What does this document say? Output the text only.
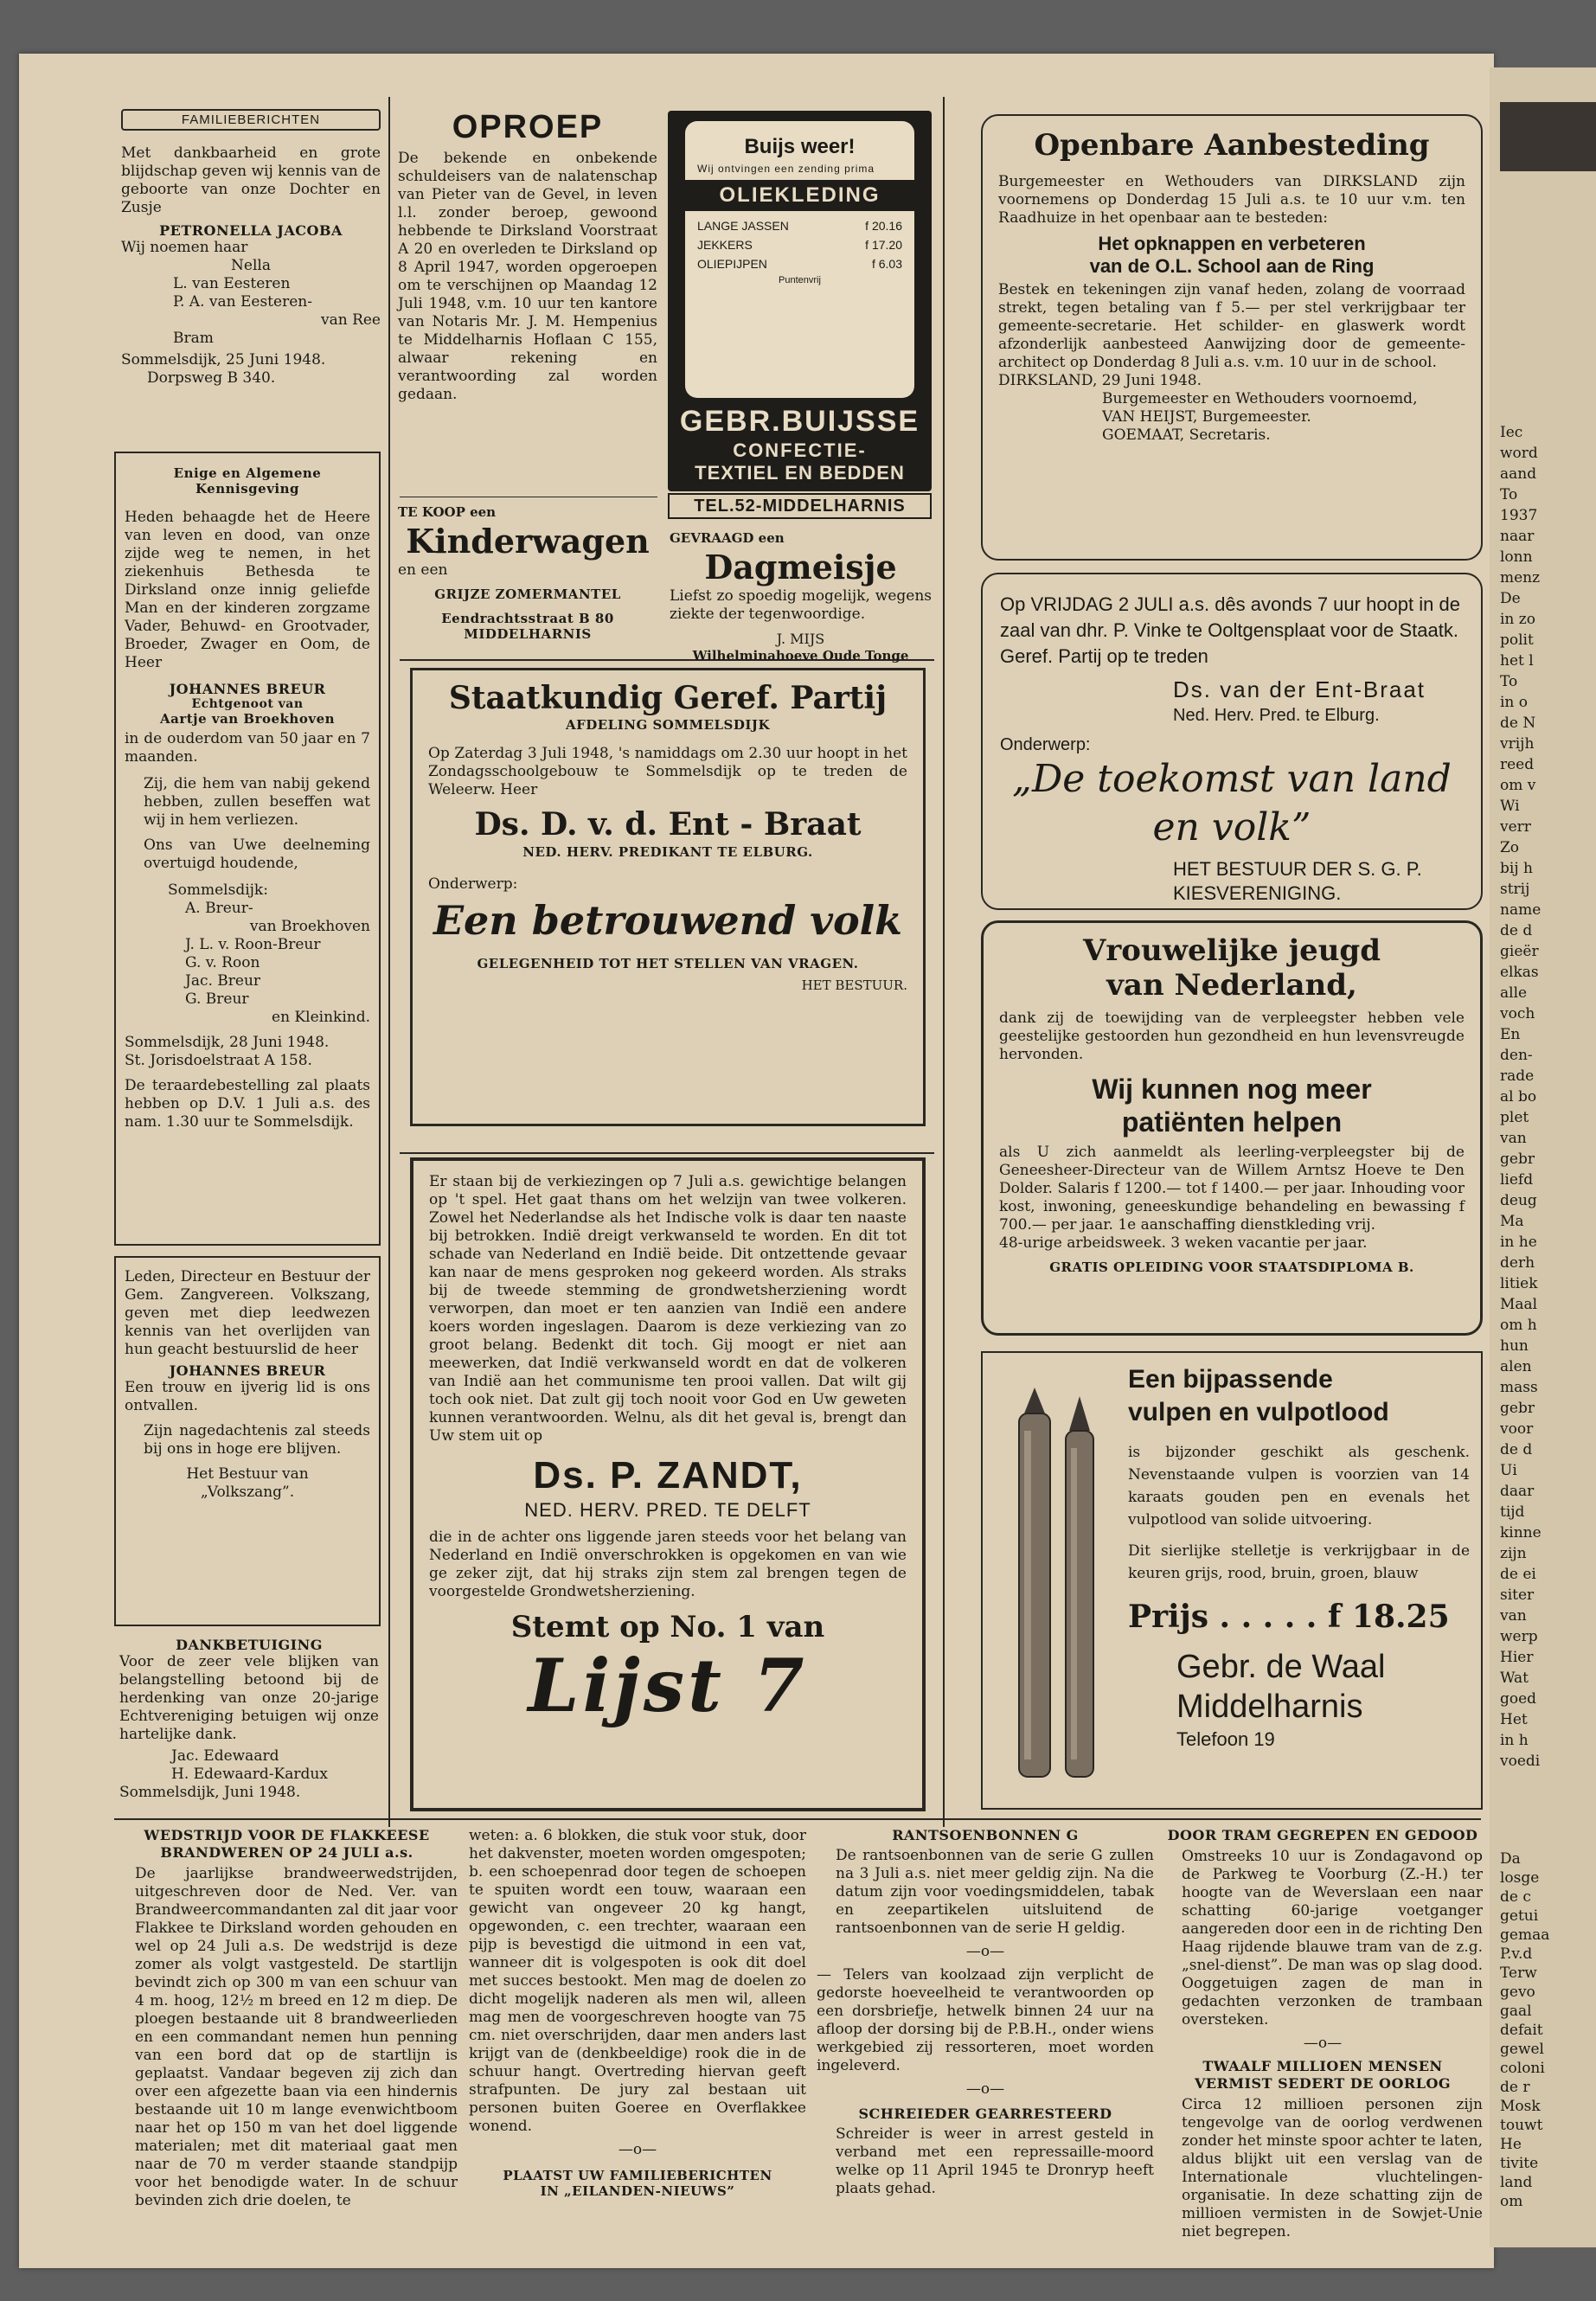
FAMILIEBERICHTEN

Met dankbaarheid en grote blijdschap geven wij kennis van de geboorte van onze Dochter en Zusje

PETRONELLA JACOBA

Wij noemen haar

Nella

L. van Eesteren

P. A. van Eesteren-

van Ree

Bram

Sommelsdijk, 25 Juni 1948.

Dorpsweg B 340.

Enige en Algemene

Kennisgeving

Heden behaagde het de Heere van leven en dood, van onze zijde weg te nemen, in het ziekenhuis Bethesda te Dirksland onze innig geliefde Man en der kinderen zorgzame Vader, Behuwd- en Grootvader, Broeder, Zwager en Oom, de Heer

JOHANNES BREUR

Echtgenoot van

Aartje van Broekhoven

in de ouderdom van 50 jaar en 7 maanden.

Zij, die hem van nabij gekend hebben, zullen beseffen wat wij in hem verliezen.

Ons van Uwe deelneming overtuigd houdende,

Sommelsdijk:

A. Breur-

van Broekhoven

J. L. v. Roon-Breur

G. v. Roon

Jac. Breur

G. Breur

en Kleinkind.

Sommelsdijk, 28 Juni 1948.

St. Jorisdoelstraat A 158.

De teraardebestelling zal plaats hebben op D.V. 1 Juli a.s. des nam. 1.30 uur te Sommelsdijk.

Leden, Directeur en Bestuur der Gem. Zangvereen. Volkszang, geven met diep leedwezen kennis van het overlijden van hun geacht bestuurslid de heer

JOHANNES BREUR

Een trouw en ijverig lid is ons ontvallen.

Zijn nagedachtenis zal steeds bij ons in hoge ere blijven.

Het Bestuur van

„Volkszang”.

DANKBETUIGING

Voor de zeer vele blijken van belangstelling betoond bij de herdenking van onze 20-jarige Echtvereniging betuigen wij onze hartelijke dank.

Jac. Edewaard

H. Edewaard-Kardux

Sommelsdijk, Juni 1948.

OPROEP

De bekende en onbekende schuldeisers van de nalatenschap van Pieter van de Gevel, in leven l.l. zonder beroep, gewoond hebbende te Dirksland Voorstraat A 20 en overleden te Dirksland op 8 April 1947, worden opgeroepen om te verschijnen op Maandag 12 Juli 1948, v.m. 10 uur ten kantore van Notaris Mr. J. M. Hempenius te Middelharnis Hoflaan C 155, alwaar rekening en verantwoording zal worden gedaan.

TE KOOP een

Kinderwagen

en een

GRIJZE ZOMERMANTEL

Eendrachtsstraat B 80

MIDDELHARNIS

Buijs weer!

Wij ontvingen een zending prima

OLIEKLEDING

LANGE JASSEN	f 20.16
JEKKERS	f 17.20
OLIEPIJPEN	f 6.03

Puntenvrij

GEBR.BUIJSSE

CONFECTIE-

TEXTIEL EN BEDDEN

TEL.52-MIDDELHARNIS

GEVRAAGD een

Dagmeisje

Liefst zo spoedig mogelijk, wegens ziekte der tegenwoordige.

J. MIJS

Wilhelminahoeve Oude Tonge

Staatkundig Geref. Partij

AFDELING SOMMELSDIJK

Op Zaterdag 3 Juli 1948, 's namiddags om 2.30 uur hoopt in het Zondagsschoolgebouw te Sommelsdijk op te treden de Weleerw. Heer

Ds. D. v. d. Ent - Braat

NED. HERV. PREDIKANT TE ELBURG.

Onderwerp:

Een betrouwend volk

GELEGENHEID TOT HET STELLEN VAN VRAGEN.

HET BESTUUR.

Er staan bij de verkiezingen op 7 Juli a.s. gewichtige belangen op 't spel. Het gaat thans om het welzijn van twee volkeren. Zowel het Nederlandse als het Indische volk is daar ten naaste bij betrokken. Indië dreigt verkwanseld te worden. En dit tot schade van Nederland en Indië beide. Dit ontzettende gevaar kan naar de mens gesproken nog gekeerd worden. Als straks bij de tweede stemming de grondwetsherziening wordt verworpen, dan moet er ten aanzien van Indië een andere koers worden ingeslagen. Daarom is deze verkiezing van zo groot belang. Bedenkt dit toch. Gij moogt er niet aan meewerken, dat Indië verkwanseld wordt en dat de volkeren van Indië aan het communisme ten prooi vallen. Dat wilt gij toch ook niet. Dat zult gij toch nooit voor God en Uw geweten kunnen verantwoorden. Welnu, als dit het geval is, brengt dan Uw stem uit op

Ds. P. ZANDT,

NED. HERV. PRED. TE DELFT

die in de achter ons liggende jaren steeds voor het belang van Nederland en Indië onverschrokken is opgekomen en van wie ge zeker zijt, dat hij straks zijn stem zal brengen tegen de voorgestelde Grondwetsherziening.

Stemt op No. 1 van

Lijst 7

Openbare Aanbesteding

Burgemeester en Wethouders van DIRKSLAND zijn voornemens op Donderdag 15 Juli a.s. te 10 uur v.m. ten Raadhuize in het openbaar aan te besteden:

Het opknappen en verbeteren

van de O.L. School aan de Ring

Bestek en tekeningen zijn vanaf heden, zolang de voorraad strekt, tegen betaling van f 5.— per stel verkrijgbaar ter gemeente-secretarie. Het schilder- en glaswerk wordt afzonderlijk aanbesteed Aanwijzing door de gemeente-architect op Donderdag 8 Juli a.s. v.m. 10 uur in de school.

DIRKSLAND, 29 Juni 1948.

Burgemeester en Wethouders voornoemd,

VAN HEIJST, Burgemeester.

GOEMAAT, Secretaris.

Op VRIJDAG 2 JULI a.s. dês avonds 7 uur hoopt in de zaal van dhr. P. Vinke te Ooltgensplaat voor de Staatk. Geref. Partij op te treden

Ds. van der Ent-Braat

Ned. Herv. Pred. te Elburg.

Onderwerp:

„De toekomst van land en volk”

HET BESTUUR DER S. G. P.

KIESVERENIGING.

Vrouwelijke jeugd

van Nederland,

dank zij de toewijding van de verpleegster hebben vele geestelijke gestoorden hun gezondheid en hun levensvreugde hervonden.

Wij kunnen nog meer

patiënten helpen

als U zich aanmeldt als leerling-verpleegster bij de Geneesheer-Directeur van de Willem Arntsz Hoeve te Den Dolder. Salaris f 1200.— tot f 1400.— per jaar. Inhouding voor kost, inwoning, geneeskundige behandeling en bewassing f 700.— per jaar. 1e aanschaffing dienstkleding vrij.

48-urige arbeidsweek. 3 weken vacantie per jaar.

GRATIS OPLEIDING VOOR STAATSDIPLOMA B.

Een bijpassende

vulpen en vulpotlood

is bijzonder geschikt als geschenk. Nevenstaande vulpen is voorzien van 14 karaats gouden pen en evenals het vulpotlood van solide uitvoering.

Dit sierlijke stelletje is verkrijgbaar in de keuren grijs, rood, bruin, groen, blauw

Prijs . . . . . f 18.25

Gebr. de Waal

Middelharnis

Telefoon 19

WEDSTRIJD VOOR DE FLAKKEESE BRANDWEREN OP 24 JULI a.s.

De jaarlijkse brandweerwedstrijden, uitgeschreven door de Ned. Ver. van Brandweercommandanten zal dit jaar voor Flakkee te Dirksland worden gehouden en wel op 24 Juli a.s. De wedstrijd is deze zomer als volgt vastgesteld. De startlijn bevindt zich op 300 m van een schuur van 4 m. hoog, 12½ m breed en 12 m diep. De ploegen bestaande uit 8 brandweerlieden en een commandant nemen hun penning van een bord dat op de startlijn is geplaatst. Vandaar begeven zij zich dan over een afgezette baan via een hindernis bestaande uit 10 m lange evenwichtboom naar het op 150 m van het doel liggende materialen; met dit materiaal gaat men naar de 70 m verder staande standpijp voor het benodigde water. In de schuur bevinden zich drie doelen, te

weten: a. 6 blokken, die stuk voor stuk, door het dakvenster, moeten worden omgespoten; b. een schoepenrad door tegen de schoepen te spuiten wordt een touw, waaraan een gewicht van ongeveer 20 kg hangt, opgewonden, c. een trechter, waaraan een pijp is bevestigd die uitmond in een vat, wanneer dit is volgespoten is ook dit doel met succes bestookt. Men mag de doelen zo dicht mogelijk naderen als men wil, alleen mag men de voorgeschreven hoogte van 75 cm. niet overschrijden, daar men anders last krijgt van de (denkbeeldige) rook die in de schuur hangt. Overtreding hiervan geeft strafpunten. De jury zal bestaan uit personen buiten Goeree en Overflakkee wonend.

—o—

PLAATST UW FAMILIEBERICHTEN

IN „EILANDEN-NIEUWS”

RANTSOENBONNEN G

De rantsoenbonnen van de serie G zullen na 3 Juli a.s. niet meer geldig zijn. Na die datum zijn voor voedingsmiddelen, tabak en zeepartikelen uitsluitend de rantsoenbonnen van de serie H geldig.

—o—

— Telers van koolzaad zijn verplicht de gedorste hoeveelheid te verantwoorden op een dorsbriefje, hetwelk binnen 24 uur na afloop der dorsing bij de P.B.H., onder wiens werkgebied zij ressorteren, moet worden ingeleverd.

—o—

SCHREIEDER GEARRESTEERD

Schreider is weer in arrest gesteld in verband met een repressaille-moord welke op 11 April 1945 te Dronryp heeft plaats gehad.

DOOR TRAM GEGREPEN EN GEDOOD

Omstreeks 10 uur is Zondagavond op de Parkweg te Voorburg (Z.-H.) ter hoogte van de Weverslaan een naar schatting 60-jarige voetganger aangereden door een in de richting Den Haag rijdende blauwe tram van de z.g. „snel-dienst”. De man was op slag dood. Ooggetuigen zagen de man in gedachten verzonken de trambaan oversteken.

—o—

TWAALF MILLIOEN MENSEN VERMIST SEDERT DE OORLOG

Circa 12 millioen personen zijn tengevolge van de oorlog verdwenen zonder het minste spoor achter te laten, aldus blijkt uit een verslag van de Internationale vluchtelingen-organisatie. In deze schatting zijn de millioen vermisten in de Sowjet-Unie niet begrepen.

Iec
word
aand
To
1937
naar
lonn
menz
De
in zo
polit
het l
To
in o
de N
vrijh
reed
om v
Wi
verr
Zo
bij h
strij
name
de d
gieër
elkas
alle
voch
En
den-
rade
al bo
plet
van
gebr
liefd
deug
Ma
in he
derh
litiek
Maal
om h
hun
alen
mass
gebr
voor
de d
Ui
daar
tijd
kinne
zijn
de ei
siter
van
werp
Hier
Wat
goed
Het
in h
voedi
Da
losge
de c
getui
gemaa
P.v.d
Terw
gevo
gaal
defait
gewel
coloni
de r
Mosk
touwt
He
tivite
land
om
